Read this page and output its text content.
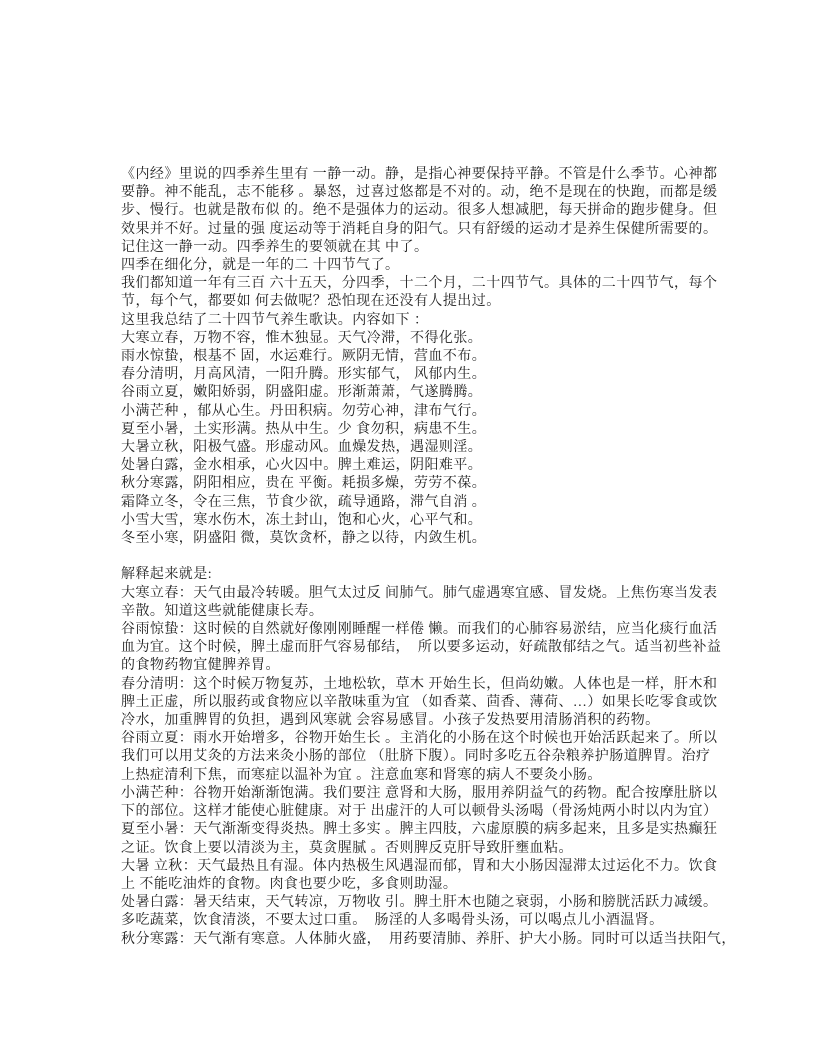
《内经》里说的四季养生里有 一静一动。静，是指心神要保持平静。不管是什么季节。心神都
要静。神不能乱，志不能移 。暴怒，过喜过悠都是不对的。动，绝不是现在的快跑，而都是缓
步、慢行。也就是散布似 的。绝不是强体力的运动。很多人想减肥，每天拼命的跑步健身。但
效果并不好。过量的强 度运动等于消耗自身的阳气。只有舒缓的运动才是养生保健所需要的。
记住这一静一动。四季养生的要领就在其 中了。
四季在细化分，就是一年的二 十四节气了。
我们都知道一年有三百 六十五天，分四季，十二个月，二十四节气。具体的二十四节气，每个
节，每个气，都要如 何去做呢？恐怕现在还没有人提出过。
这里我总结了二十四节气养生歌诀。内容如下 ：
大寒立春，万物不容，惟木独显。天气冷滞，不得化张。
雨水惊蛰，根基不 固，水运难行。厥阴无情，营血不布。
春分清明，月高风清，一阳升腾。形实郁气， 风郁内生。
谷雨立夏，嫩阳娇弱，阴盛阳虚。形渐萧萧，气遂腾腾。
小满芒种 ，郁从心生。丹田积病。勿劳心神，津布气行。
夏至小暑，土实形满。热从中生。少 食勿积，病患不生。
大暑立秋，阳极气盛。形虚动风。血燥发热，遇湿则淫。
处暑白露，金水相承，心火囚中。脾土难运，阴阳难平。
秋分寒露，阴阳相应，贵在 平衡。耗损多燥，劳劳不葆。
霜降立冬，令在三焦，节食少欲，疏导通路，滞气自消 。
小雪大雪，寒水伤木，冻土封山，饱和心火，心平气和。
冬至小寒，阴盛阳 微，莫饮贪杯，静之以待，内敛生机。
解释起来就是:
大寒立春：天气由最冷转暖。胆气太过反 间肺气。肺气虚遇寒宜感、冒发烧。上焦伤寒当发表
辛散。知道这些就能健康长寿。
谷雨惊蛰：这时候的自然就好像刚刚睡醒一样倦 懒。而我们的心肺容易淤结，应当化痰行血活
血为宜。这个时候，脾土虚而肝气容易郁结，  所以要多运动，好疏散郁结之气。适当初些补益
的食物药物宜健脾养胃。
春分清明：这个时候万物复苏，土地松软，草木 开始生长，但尚幼嫩。人体也是一样，肝木和
脾土正虚，所以服药或食物应以辛散味重为宜 （如香菜、茴香、薄荷、…）如果长吃零食或饮
冷水，加重脾胃的负担，遇到风寒就 会容易感冒。小孩子发热要用清肠消积的药物。
谷雨立夏：雨水开始增多，谷物开始生长 。主消化的小肠在这个时候也开始活跃起来了。所以
我们可以用艾灸的方法来灸小肠的部位 （肚脐下腹）。同时多吃五谷杂粮养护肠道脾胃。治疗
上热症清利下焦，而寒症以温补为宜 。注意血寒和肾寒的病人不要灸小肠。
小满芒种：谷物开始渐渐饱满。我们要注 意肾和大肠，服用养阴益气的药物。配合按摩肚脐以
下的部位。这样才能使心脏健康。对于 出虚汗的人可以顿骨头汤喝（骨汤炖两小时以内为宜）
夏至小暑：天气渐渐变得炎热。脾土多实 。脾主四肢，六虚原膜的病多起来，且多是实热癫狂
之证。饮食上要以清淡为主，莫贪腥腻 。否则脾反克肝导致肝壅血粘。
大暑 立秋：天气最热且有湿。体内热极生风遇湿而郁，胃和大小肠因湿滞太过运化不力。饮食
上 不能吃油炸的食物。肉食也要少吃，多食则助湿。
处暑白露：暑天结束，天气转凉，万物收 引。脾土肝木也随之衰弱，小肠和膀胱活跃力减缓。
多吃蔬菜，饮食清淡，不要太过口重。  肠淫的人多喝骨头汤，可以喝点儿小酒温肾。
秋分寒露：天气渐有寒意。人体肺火盛，  用药要清肺、养肝、护大小肠。同时可以适当扶阳气，
